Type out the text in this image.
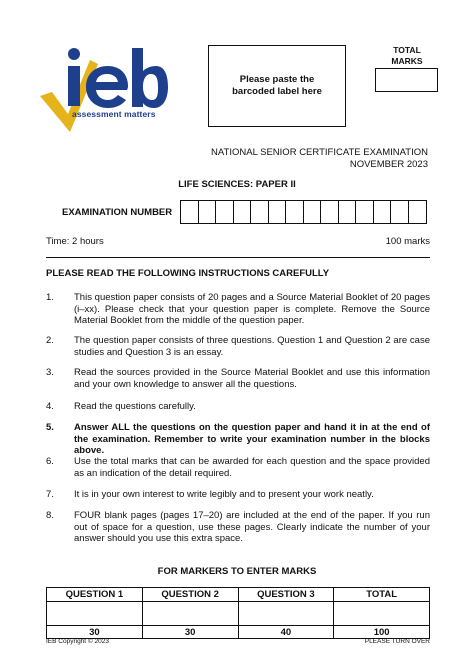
assessment matters
Please paste the barcoded label here
TOTAL
MARKS
NATIONAL SENIOR CERTIFICATE EXAMINATION
NOVEMBER 2023
LIFE SCIENCES: PAPER II
EXAMINATION NUMBER
Time: 2 hours	100 marks
PLEASE READ THE FOLLOWING INSTRUCTIONS CAREFULLY
1. This question paper consists of 20 pages and a Source Material Booklet of 20 pages (i–xx). Please check that your question paper is complete. Remove the Source Material Booklet from the middle of the question paper.
2. The question paper consists of three questions. Question 1 and Question 2 are case studies and Question 3 is an essay.
3. Read the sources provided in the Source Material Booklet and use this information and your own knowledge to answer all the questions.
4. Read the questions carefully.
5. Answer ALL the questions on the question paper and hand it in at the end of the examination. Remember to write your examination number in the blocks above.
6. Use the total marks that can be awarded for each question and the space provided as an indication of the detail required.
7. It is in your own interest to write legibly and to present your work neatly.
8. FOUR blank pages (pages 17–20) are included at the end of the paper. If you run out of space for a question, use these pages. Clearly indicate the number of your answer should you use this extra space.
FOR MARKERS TO ENTER MARKS
QUESTION 1	QUESTION 2	QUESTION 3	TOTAL

30	30	40	100
IEB Copyright © 2023	PLEASE TURN OVER
